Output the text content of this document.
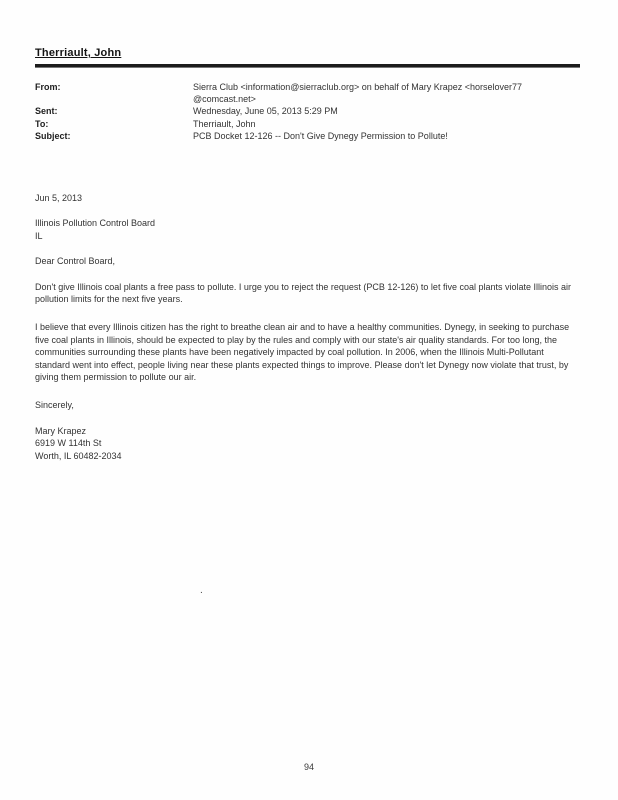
Therriault, John
From:	Sierra Club <information@sierraclub.org> on behalf of Mary Krapez <horselover77
@comcast.net>
Sent:	Wednesday, June 05, 2013 5:29 PM
To:	Therriault, John
Subject:	PCB Docket 12-126 -- Don't Give Dynegy Permission to Pollute!
Jun 5, 2013
Illinois Pollution Control Board
IL
Dear Control Board,
Don't give Illinois coal plants a free pass to pollute. I urge you to reject the request (PCB 12-126) to let five coal plants violate Illinois air pollution limits for the next five years.
I believe that every Illinois citizen has the right to breathe clean air and to have a healthy communities. Dynegy, in seeking to purchase five coal plants in Illinois, should be expected to play by the rules and comply with our state's air quality standards. For too long, the communities surrounding these plants have been negatively impacted by coal pollution. In 2006, when the Illinois Multi-Pollutant standard went into effect, people living near these plants expected things to improve. Please don't let Dynegy now violate that trust, by giving them permission to pollute our air.
Sincerely,
Mary Krapez
6919 W 114th St
Worth, IL 60482-2034
.
94
